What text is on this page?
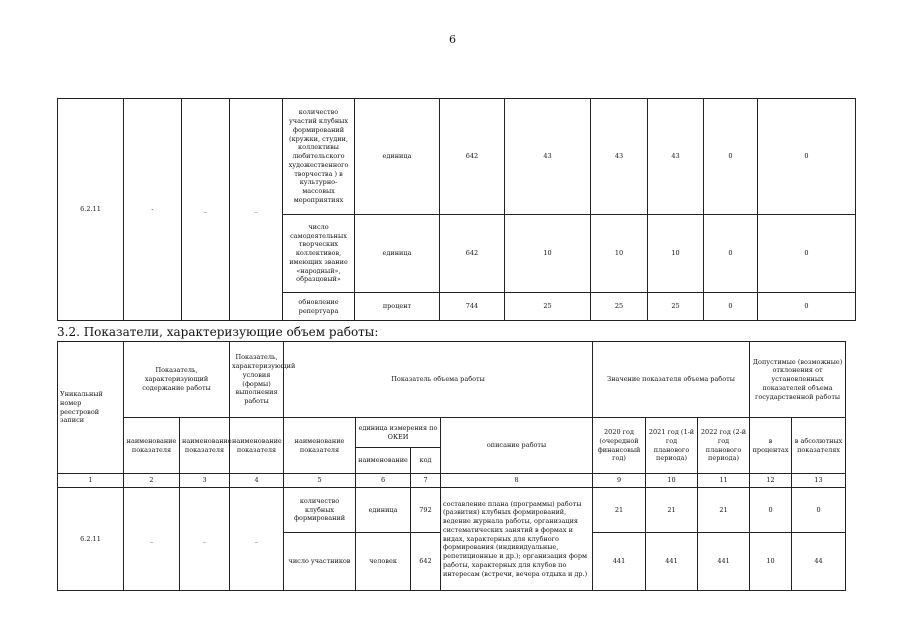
6
6.2.11	-	_	_	количество участий клубных формирований (кружки, студии, коллективы любительского художественного творчества ) в культурно-массовых мероприятиях	единица	642	43	43	43	0	0
				число самодеятельных творческих коллективов, имеющих звание «народный», образцовый»	единица	642	10	10	10	0	0
				обновление репертуара	процент	744	25	25	25	0	0
3.2. Показатели, характеризующие объем работы:
Уникальный номер реестровой записи	Показатель, характеризующий содержание работы		Показатель, характеризующий условия (формы) выполнения работы	Показатель объема работы				Значение показателя объема работы			Допустимые (возможные) отклонения от установленных показателей объема государственной работы	
	наименование показателя	наименование показателя	наименование показателя	наименование показателя	единица измерения по ОКЕИ		описание работы	2020 год (очередной финансовый год)	2021 год (1-й год планового периода)	2022 год (2-й год планового периода)	в процентах	в абсолютных показателях
					наименование	код						
1	2	3	4	5	6	7	8	9	10	11	12	13
6.2.11	_	_	_	количество клубных формирований	единица	792	составление плана (программы) работы (развития) клубных формирований, ведение журнала работы, организация систематических занятий в формах и видах, характерных для клубного формирования (индивидуальные, репетиционные и др.); организация форм работы, характерных для клубов по интересам (встречи, вечера отдыха и др.)	21	21	21	0	0
				число участников	человек	642		441	441	441	10	44
